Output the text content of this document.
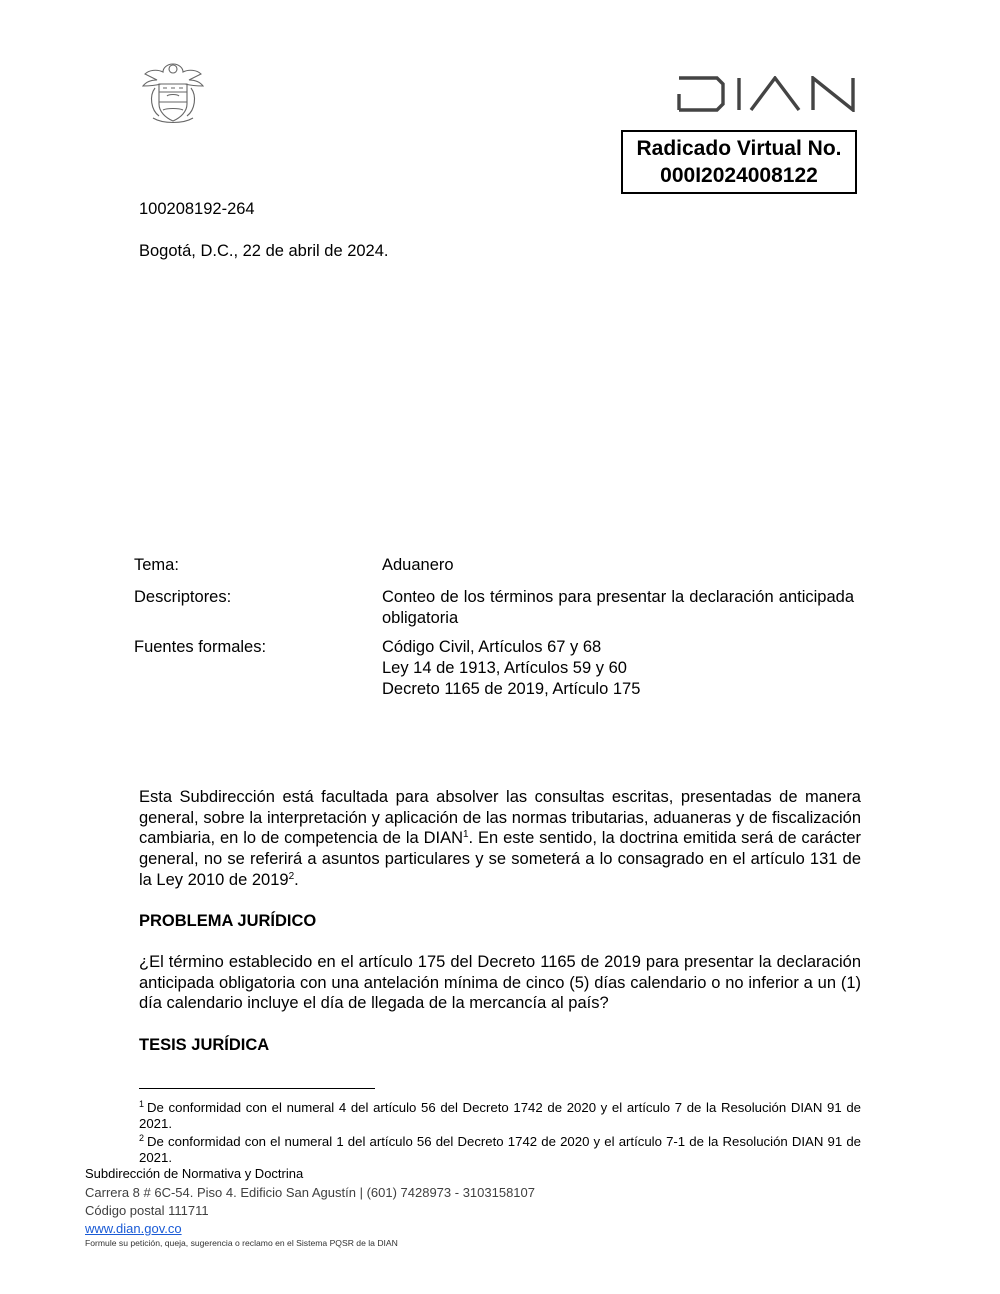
Radicado Virtual No.
000I2024008122
100208192-264
Bogotá, D.C., 22 de abril de 2024.
Tema:	Aduanero
Descriptores:	Conteo de los términos para presentar la declaración anticipada obligatoria
Fuentes formales:	Código Civil, Artículos 67 y 68
Ley 14 de 1913, Artículos 59 y 60
Decreto 1165 de 2019, Artículo 175
Esta Subdirección está facultada para absolver las consultas escritas, presentadas de manera general, sobre la interpretación y aplicación de las normas tributarias, aduaneras y de fiscalización cambiaria, en lo de competencia de la DIAN$^1$. En este sentido, la doctrina emitida será de carácter general, no se referirá a asuntos particulares y se someterá a lo consagrado en el artículo 131 de la Ley 2010 de 2019$^2$.
PROBLEMA JURÍDICO
¿El término establecido en el artículo 175 del Decreto 1165 de 2019 para presentar la declaración anticipada obligatoria con una antelación mínima de cinco (5) días calendario o no inferior a un (1) día calendario incluye el día de llegada de la mercancía al país?
TESIS JURÍDICA
$^1$ De conformidad con el numeral 4 del artículo 56 del Decreto 1742 de 2020 y el artículo 7 de la Resolución DIAN 91 de 2021.
$^2$ De conformidad con el numeral 1 del artículo 56 del Decreto 1742 de 2020 y el artículo 7-1 de la Resolución DIAN 91 de 2021.
Subdirección de Normativa y Doctrina
Carrera 8 # 6C-54. Piso 4. Edificio San Agustín | (601) 7428973 - 3103158107
Código postal 111711
www.dian.gov.co
Formule su petición, queja, sugerencia o reclamo en el Sistema PQSR de la DIAN
